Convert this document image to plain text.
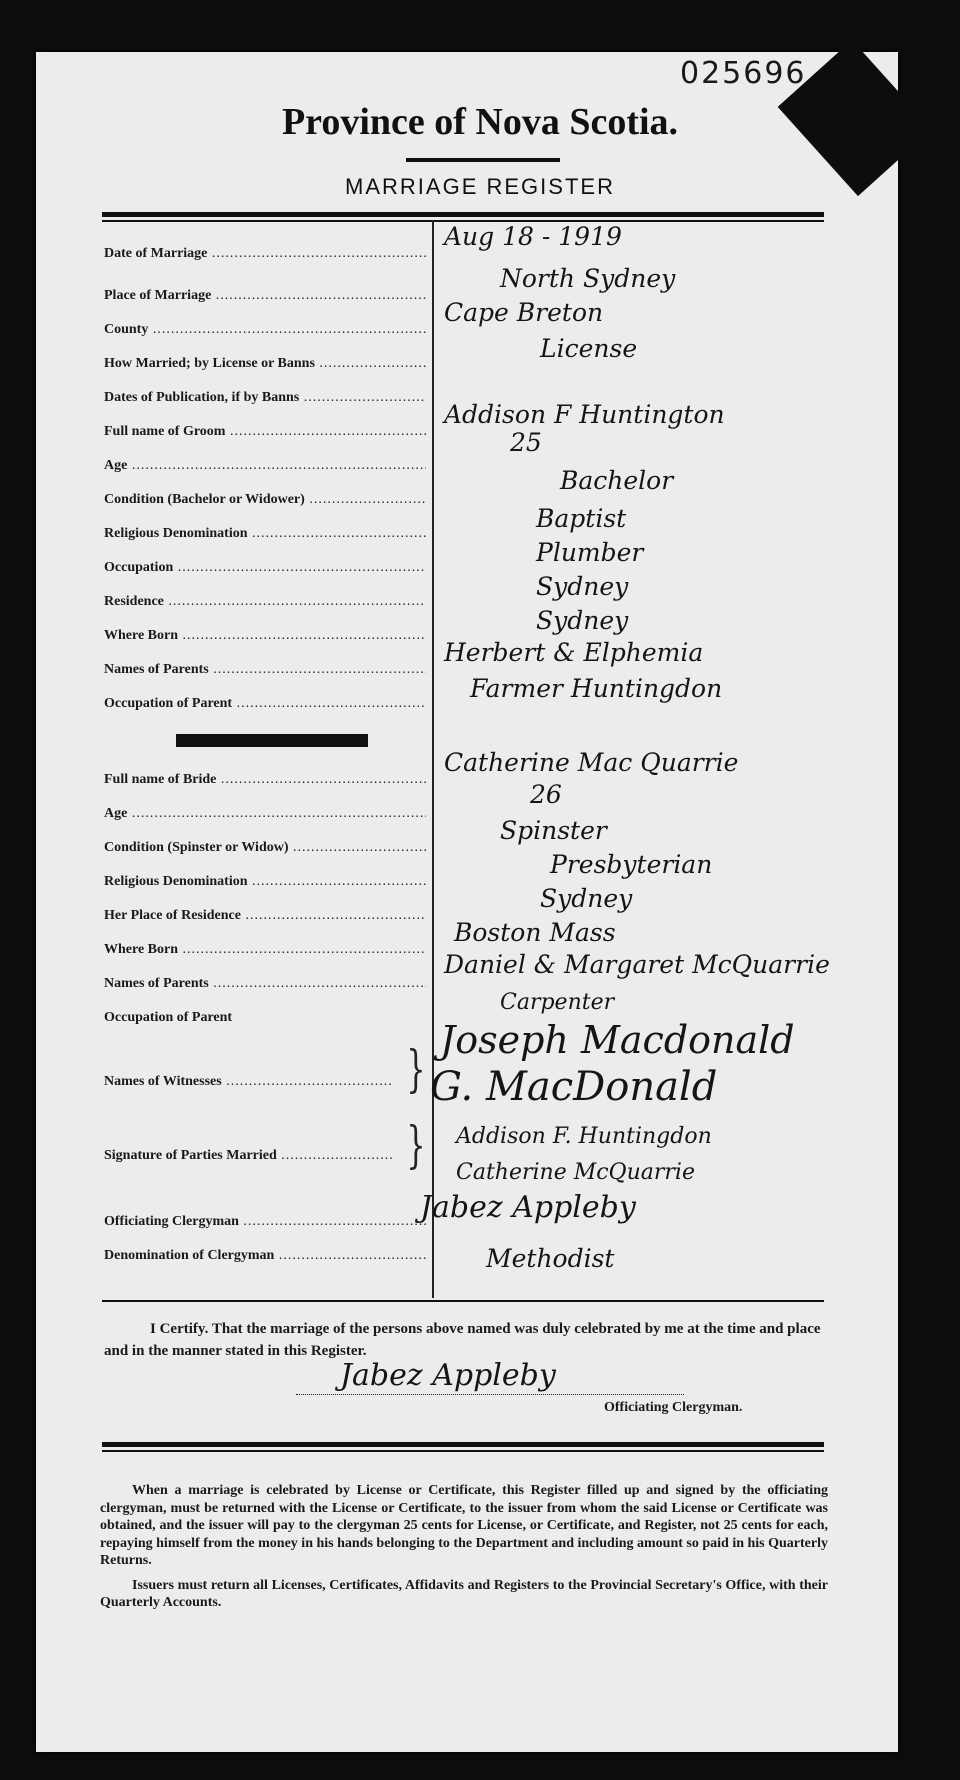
025696
Province of Nova Scotia.
MARRIAGE REGISTER
Date of Marriage .....
Aug 18 - 1919
Place of Marriage .....
North Sydney
County .....
Cape Breton
How Married; by License or Banns .....
License
Dates of Publication, if by Banns .....
Full name of Groom .....
Addison F Huntington
Age .....
25
Condition (Bachelor or Widower) .....
Bachelor
Religious Denomination .....
Baptist
Occupation .....
Plumber
Residence .....
Sydney
Where Born .....
Sydney
Names of Parents .....
Herbert & Elphemia
Occupation of Parent .....
Farmer Huntingdon
Full name of Bride .....
Catherine Mac Quarrie
Age .....
26
Condition (Spinster or Widow) .....
Spinster
Religious Denomination .....
Presbyterian
Her Place of Residence .....
Sydney
Where Born .....
Boston Mass
Names of Parents .....
Daniel & Margaret McQuarrie
Occupation of Parent
Carpenter
Names of Witnesses .....	} Joseph Macdonald
G. MacDonald
Signature of Parties Married .....	} Addison F. Huntingdon
Catherine McQuarrie
Officiating Clergyman .....	Jabez Appleby
Denomination of Clergyman .....	Methodist
I Certify. That the marriage of the persons above named was duly celebrated by me at the time and place and in the manner stated in this Register.
Jabez Appleby
Officiating Clergyman.

When a marriage is celebrated by License or Certificate, this Register filled up and signed by the officiating clergyman, must be returned with the License or Certificate, to the issuer from whom the said License or Certificate was obtained, and the issuer will pay to the clergyman 25 cents for License, or Certificate, and Register, not 25 cents for each, repaying himself from the money in his hands belonging to the Department and including amount so paid in his Quarterly Returns.

Issuers must return all Licenses, Certificates, Affidavits and Registers to the Provincial Secretary's Office, with their Quarterly Accounts.
